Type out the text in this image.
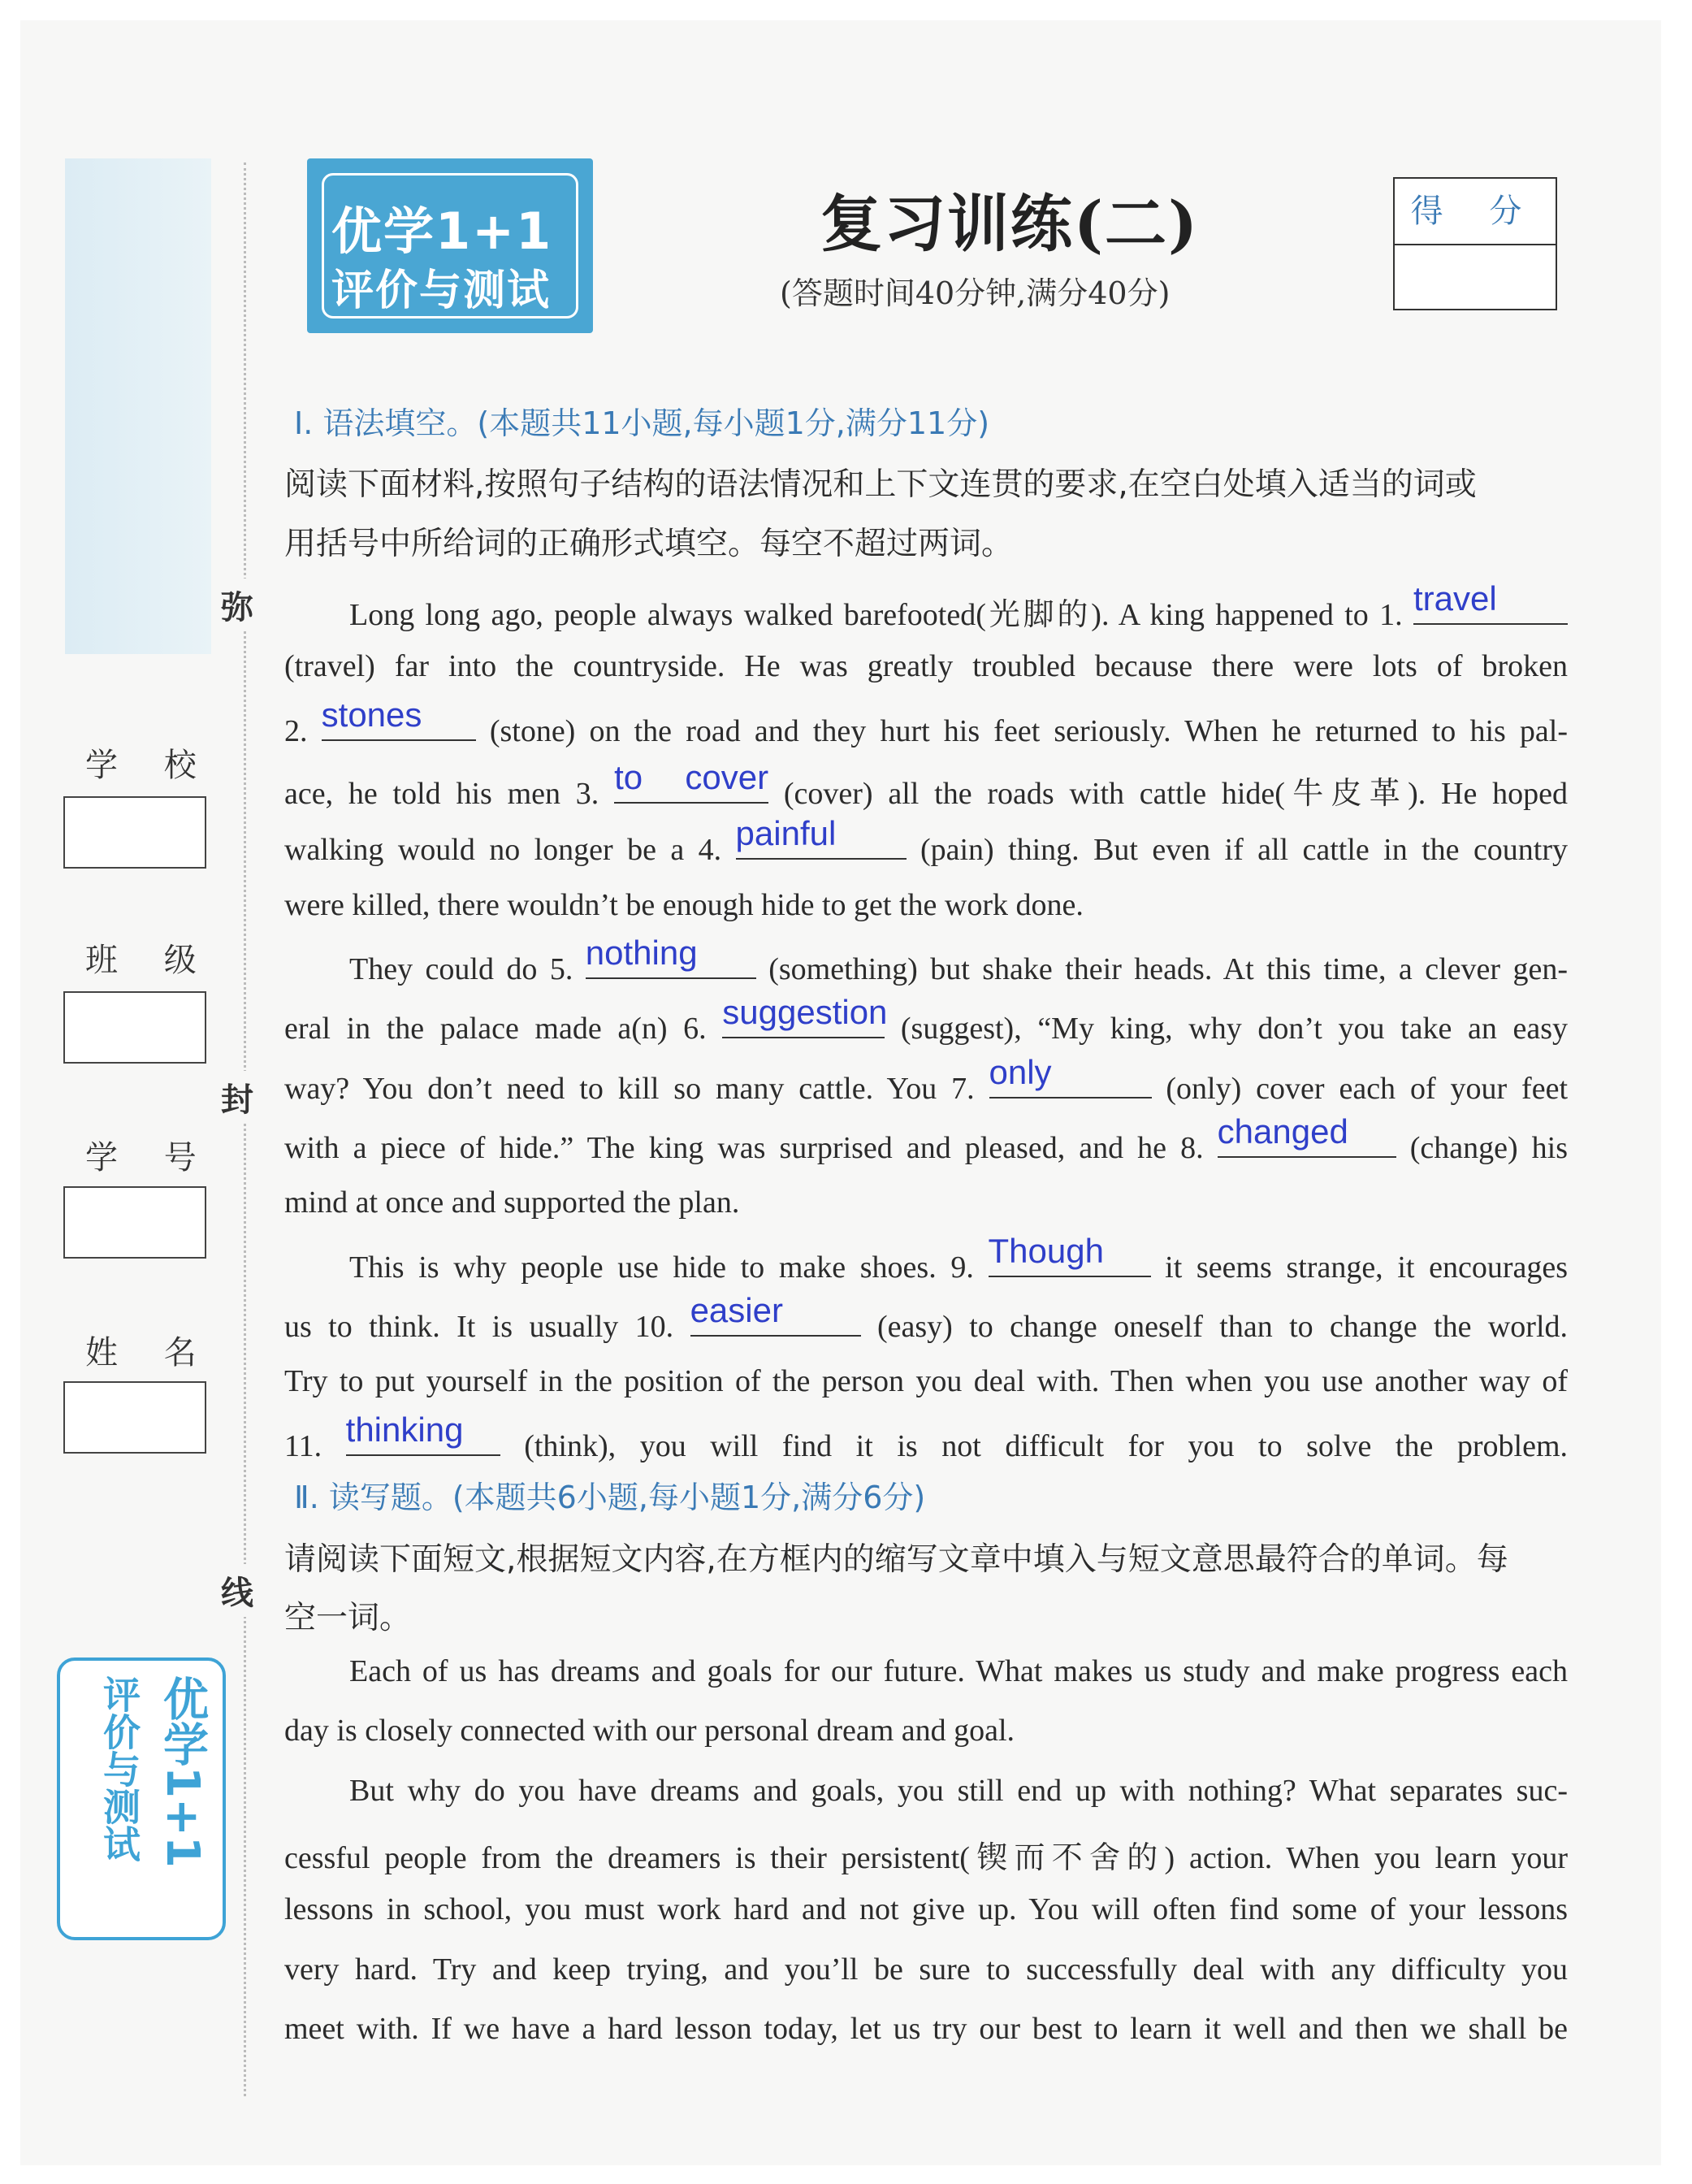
弥
封
线
学 校
班 级
学 号
姓 名
优学1+1
评价与测试
优学1+1
评价与测试
复习训练(二)
(答题时间40分钟,满分40分)
得 分
Ⅰ. 语法填空。(本题共11小题,每小题1分,满分11分)
阅读下面材料,按照句子结构的语法情况和上下文连贯的要求,在空白处填入适当的词或
用括号中所给词的正确形式填空。每空不超过两词。
Long long ago, people always walked barefooted(光脚的). A king happened to 1. travel
(travel) far into the countryside. He was greatly troubled because there were lots of broken
2. stones	(stone) on the road and they hurt his feet seriously. When he returned to his pal-
ace, he told his men 3. to cover (cover) all the roads with cattle hide(牛皮革). He hoped
walking would no longer be a 4. painful	(pain) thing. But even if all cattle in the country
were killed, there wouldn’t be enough hide to get the work done.
They could do 5. nothing	(something) but shake their heads. At this time, a clever gen-
eral in the palace made a(n) 6. suggestion (suggest), “My king, why don’t you take an easy
way? You don’t need to kill so many cattle. You 7. only	(only) cover each of your feet
with a piece of hide.” The king was surprised and pleased, and he 8. changed	(change) his
mind at once and supported the plan.
This is why people use hide to make shoes. 9. Though	it seems strange, it encourages
us to think. It is usually 10. easier	(easy) to change oneself than to change the world.
Try to put yourself in the position of the person you deal with. Then when you use another way of
11. thinking	(think), you will find it is not difficult for you to solve the problem.
Ⅱ. 读写题。(本题共6小题,每小题1分,满分6分)
请阅读下面短文,根据短文内容,在方框内的缩写文章中填入与短文意思最符合的单词。每
空一词。
Each of us has dreams and goals for our future. What makes us study and make progress each
day is closely connected with our personal dream and goal.
But why do you have dreams and goals, you still end up with nothing? What separates suc-
cessful people from the dreamers is their persistent(锲而不舍的) action. When you learn your
lessons in school, you must work hard and not give up. You will often find some of your lessons
very hard. Try and keep trying, and you’ll be sure to successfully deal with any difficulty you
meet with. If we have a hard lesson today, let us try our best to learn it well and then we shall be
